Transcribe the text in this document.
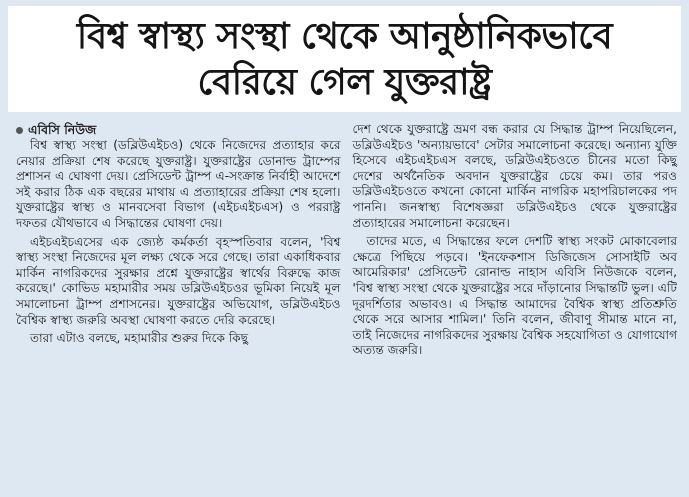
বিশ্ব স্বাস্থ্য সংস্থা থেকে আনুষ্ঠানিকভাবে
বেরিয়ে গেল যুক্তরাষ্ট্র
এবিসি নিউজ

বিশ্ব স্বাস্থ্য সংস্থা (ডব্লিউএইচও) থেকে নিজেদের প্রত্যাহার করে নেয়ার প্রক্রিয়া শেষ করেছে যুক্তরাষ্ট্র। যুক্তরাষ্ট্রের ডোনাল্ড ট্রাম্পের প্রশাসন এ ঘোষণা দেয়। প্রেসিডেন্ট ট্রাম্প এ-সংক্রান্ত নির্বাহী আদেশে সই করার ঠিক এক বছরের মাথায় এ প্রত্যাহারের প্রক্রিয়া শেষ হলো। যুক্তরাষ্ট্রের স্বাস্থ্য ও মানবসেবা বিভাগ (এইচএইচএস) ও পররাষ্ট্র দফতর যৌথভাবে এ সিদ্ধান্তের ঘোষণা দেয়।

এইচএইচএসের এক জ্যেষ্ঠ কর্মকর্তা বৃহস্পতিবার বলেন, 'বিশ্ব স্বাস্থ্য সংস্থা নিজেদের মূল লক্ষ্য থেকে সরে গেছে। তারা একাধিকবার মার্কিন নাগরিকদের সুরক্ষার প্রশ্নে যুক্তরাষ্ট্রের স্বার্থের বিরুদ্ধে কাজ করেছে।' কোভিড মহামারীর সময় ডব্লিউএইচওর ভূমিকা নিয়েই মূল সমালোচনা ট্রাম্প প্রশাসনের। যুক্তরাষ্ট্রের অভিযোগ, ডব্লিউএইচও বৈশ্বিক স্বাস্থ্য জরুরি অবস্থা ঘোষণা করতে দেরি করেছে।

তারা এটাও বলছে, মহামারীর শুরুর দিকে কিছু

দেশ থেকে যুক্তরাষ্ট্রে ভ্রমণ বন্ধ করার যে সিদ্ধান্ত ট্রাম্প নিয়েছিলেন, ডব্লিউএইচও 'অন্যায়ভাবে' সেটার সমালোচনা করেছে। অন্যান্য যুক্তি হিসেবে এইচএইচএস বলছে, ডব্লিউএইচওতে চীনের মতো কিছু দেশের অর্থনৈতিক অবদান যুক্তরাষ্ট্রের চেয়ে কম। তার পরও ডব্লিউএইচওতে কখনো কোনো মার্কিন নাগরিক মহাপরিচালকের পদ পাননি। জনস্বাস্থ্য বিশেষজ্ঞরা ডব্লিউএইচও থেকে যুক্তরাষ্ট্রের প্রত্যাহারের সমালোচনা করেছেন।

তাদের মতে, এ সিদ্ধান্তের ফলে দেশটি স্বাস্থ্য সংকট মোকাবেলার ক্ষেত্রে পিছিয়ে পড়বে। 'ইনফেকশাস ডিজিজেস সোসাইটি অব আমেরিকার' প্রেসিডেন্ট রোনাল্ড নাহাস এবিসি নিউজকে বলেন, 'বিশ্ব স্বাস্থ্য সংস্থা থেকে যুক্তরাষ্ট্রের সরে দাঁড়ানোর সিদ্ধান্তটি ভুল। এটি দূরদর্শিতার অভাবও। এ সিদ্ধান্ত আমাদের বৈশ্বিক স্বাস্থ্য প্রতিশ্রুতি থেকে সরে আসার শামিল।' তিনি বলেন, জীবাণু সীমান্ত মানে না, তাই নিজেদের নাগরিকদের সুরক্ষায় বৈশ্বিক সহযোগিতা ও যোগাযোগ অত্যন্ত জরুরি।
